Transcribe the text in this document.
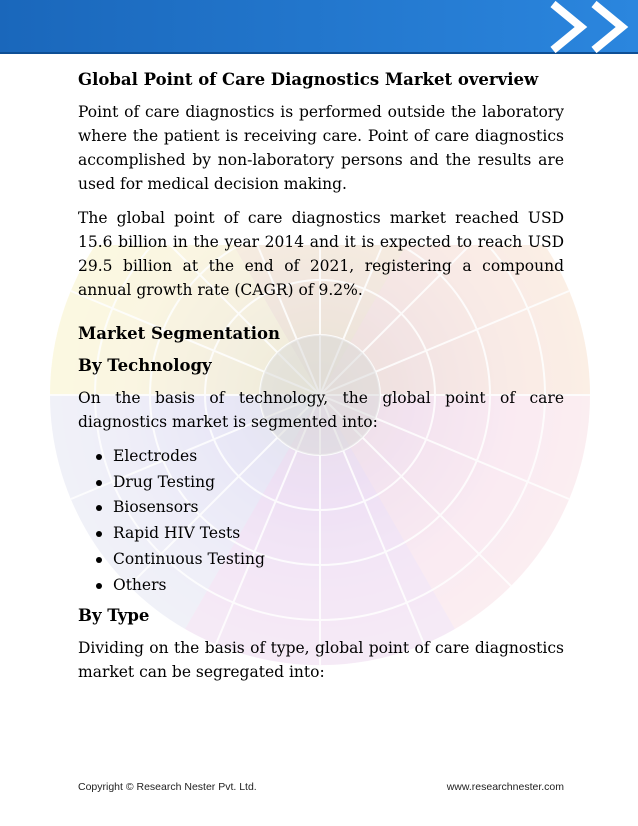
Global Point of Care Diagnostics Market overview
Point of care diagnostics is performed outside the laboratory where the patient is receiving care. Point of care diagnostics accomplished by non-laboratory persons and the results are used for medical decision making.
The global point of care diagnostics market reached USD 15.6 billion in the year 2014 and it is expected to reach USD 29.5 billion at the end of 2021, registering a compound annual growth rate (CAGR) of 9.2%.
Market Segmentation
By Technology
On the basis of technology, the global point of care diagnostics market is segmented into:
Electrodes
Drug Testing
Biosensors
Rapid HIV Tests
Continuous Testing
Others
By Type
Dividing on the basis of type, global point of care diagnostics market can be segregated into:
Copyright © Research Nester Pvt. Ltd.	www.researchnester.com
